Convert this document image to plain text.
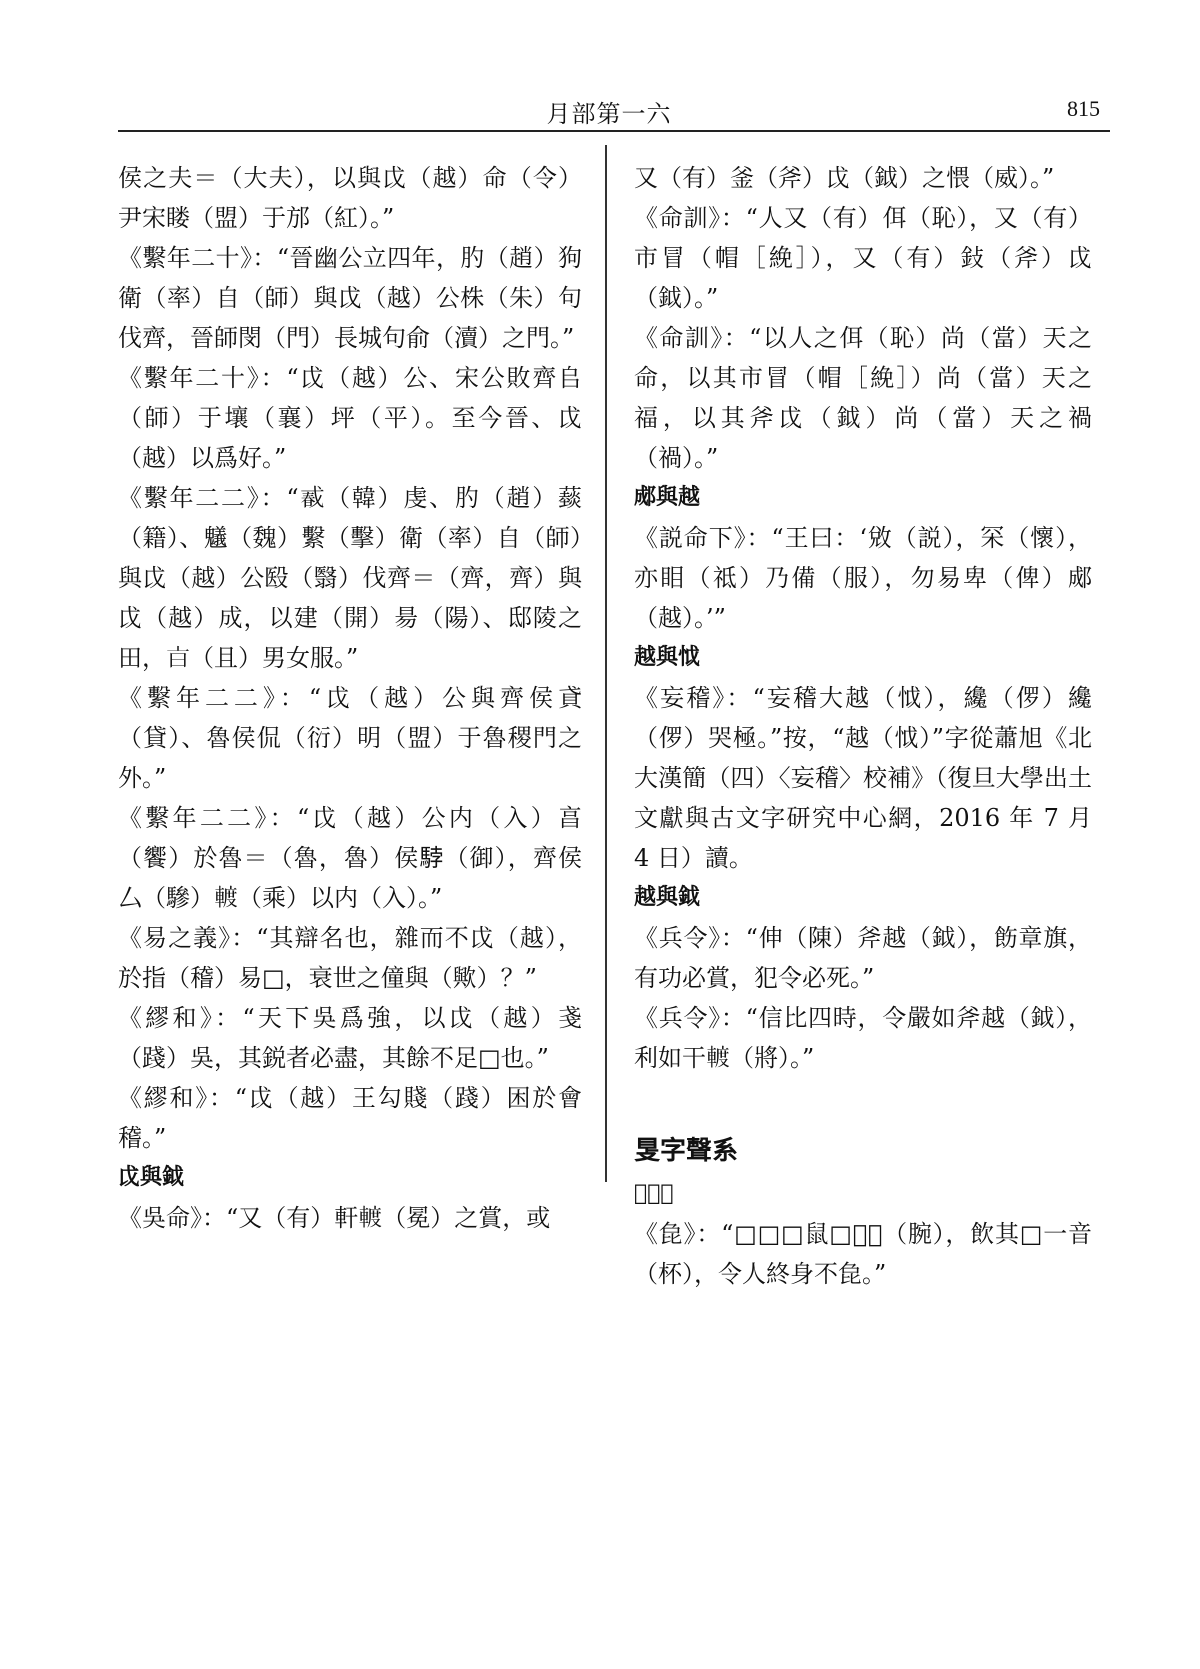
月部第一六	815

侯之夫＝（大夫），以與戉（越）命（令）尹宋䁖（盟）于邡（紅）。”

《繫年二十》：“晉幽公立四年，肑（趙）狗衛（率）自（師）與戉（越）公株（朱）句伐齊，晉師閔（門）長城句俞（瀆）之門。”

《繫年二十》：“戉（越）公、宋公敗齊𠂤（師）于壤（襄）坪（平）。至今晉、戉（越）以爲好。”

《繫年二二》：“𢧔（韓）虔、肑（趙）䕭（籍）、䰮（魏）繫（擊）衛（率）自（師）與戉（越）公殹（翳）伐齊＝（齊，齊）與戉（越）成，以建（開）昜（陽）、邸陵之田，𣅀（且）男女服。”

《繫年二二》：“戉（越）公與齊侯貣（貸）、魯侯侃（衍）明（盟）于魯稷門之外。”

《繫年二二》：“戉（越）公内（入）亯（饗）於魯＝（魯，魯）侯𩣡（御），齊侯厶（驂）𨍏（乘）以内（入）。”

《易之義》：“其辯名也，雜而不戉（越），於指（稽）易□，衰世之僮與（歟）？”

《繆和》：“天下吳爲強，以戉（越）戔（踐）吳，其鋭者必盡，其餘不足□也。”

《繆和》：“戉（越）王勾賤（踐）困於會稽。”

戉與鉞

《吳命》：“又（有）軒𨍏（冕）之賞，或

又（有）釜（斧）戉（鉞）之愄（威）。”

《命訓》：“人又（有）佴（恥），又（有）市冒（帽［絻］），又（有）鈙（斧）戉（鉞）。”

《命訓》：“以人之佴（恥）尚（當）天之命，以其市冒（帽［絻］）尚（當）天之福，以其斧戉（鉞）尚（當）天之禍（禍）。”

郕與越

《説命下》：“王曰：‘敓（説），罙（懷），亦䀠（祗）乃備（服），勿易卑（俾）郕（越）。’”

越與怴

《妄稽》：“妄稽大越（怴），纔（㑩）纔（㑩）哭極。”按，“越（怴）”字從蕭旭《北大漢簡（四）〈妄稽〉校補》（復旦大學出土文獻與古文字研究中心網，2016 年 7 月 4 日）讀。

越與鉞

《兵令》：“伸（陳）斧越（鉞），飭章旗，有功必賞，犯令必死。”

《兵令》：“信比四時，令嚴如斧越（鉞），利如干𨍏（將）。”

𥄎字聲系
𥈳與腕

《㲋》：“□□□鼠□𥈳𥈳（腕），飲其□一音（杯），令人終身不㲋。”
